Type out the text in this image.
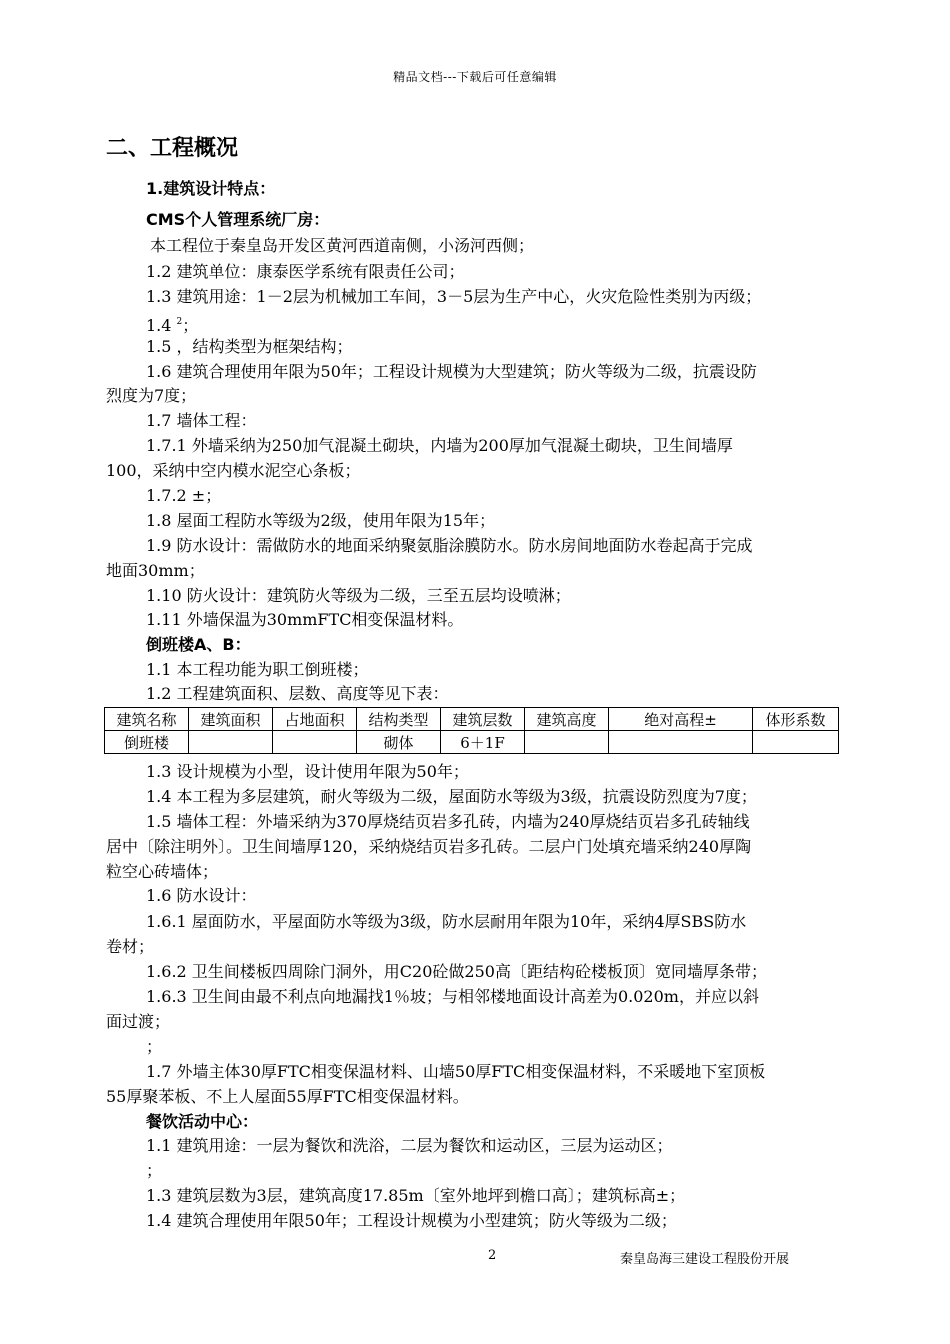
精品文档---下载后可任意编辑
二、工程概况
1.建筑设计特点：
CMS个人管理系统厂房：
本工程位于秦皇岛开发区黄河西道南侧，小汤河西侧；
1.2 建筑单位：康泰医学系统有限责任公司；
1.3 建筑用途：1－2层为机械加工车间，3－5层为生产中心，火灾危险性类别为丙级；
1.4 $^2$；
1.5 ，结构类型为框架结构；
1.6 建筑合理使用年限为50年；工程设计规模为大型建筑；防火等级为二级，抗震设防
烈度为7度；
1.7 墙体工程：
1.7.1 外墙采纳为250加气混凝土砌块，内墙为200厚加气混凝土砌块，卫生间墙厚
100，采纳中空内模水泥空心条板；
1.7.2 ±；
1.8 屋面工程防水等级为2级，使用年限为15年；
1.9 防水设计：需做防水的地面采纳聚氨脂涂膜防水。防水房间地面防水卷起高于完成
地面30mm；
1.10 防火设计：建筑防火等级为二级，三至五层均设喷淋；
1.11 外墙保温为30mmFTC相变保温材料。
倒班楼A、B：
1.1 本工程功能为职工倒班楼；
1.2 工程建筑面积、层数、高度等见下表：
建筑名称	建筑面积	占地面积	结构类型	建筑层数	建筑高度	绝对高程±	体形系数
倒班楼			砌体	6＋1F			
1.3 设计规模为小型，设计使用年限为50年；
1.4 本工程为多层建筑，耐火等级为二级，屋面防水等级为3级，抗震设防烈度为7度；
1.5 墙体工程：外墙采纳为370厚烧结页岩多孔砖，内墙为240厚烧结页岩多孔砖轴线
居中〔除注明外〕。卫生间墙厚120，采纳烧结页岩多孔砖。二层户门处填充墙采纳240厚陶
粒空心砖墙体；
1.6 防水设计：
1.6.1 屋面防水，平屋面防水等级为3级，防水层耐用年限为10年，采纳4厚SBS防水
卷材；
1.6.2 卫生间楼板四周除门洞外，用C20砼做250高〔距结构砼楼板顶〕宽同墙厚条带；
1.6.3 卫生间由最不利点向地漏找1％坡；与相邻楼地面设计高差为0.020m，并应以斜
面过渡；
；
1.7 外墙主体30厚FTC相变保温材料、山墙50厚FTC相变保温材料，不采暖地下室顶板
55厚聚苯板、不上人屋面55厚FTC相变保温材料。
餐饮活动中心：
1.1 建筑用途：一层为餐饮和洗浴，二层为餐饮和运动区，三层为运动区；
；
1.3 建筑层数为3层，建筑高度17.85m〔室外地坪到檐口高〕；建筑标高±；
1.4 建筑合理使用年限50年；工程设计规模为小型建筑；防火等级为二级；
2	秦皇岛海三建设工程股份开展
